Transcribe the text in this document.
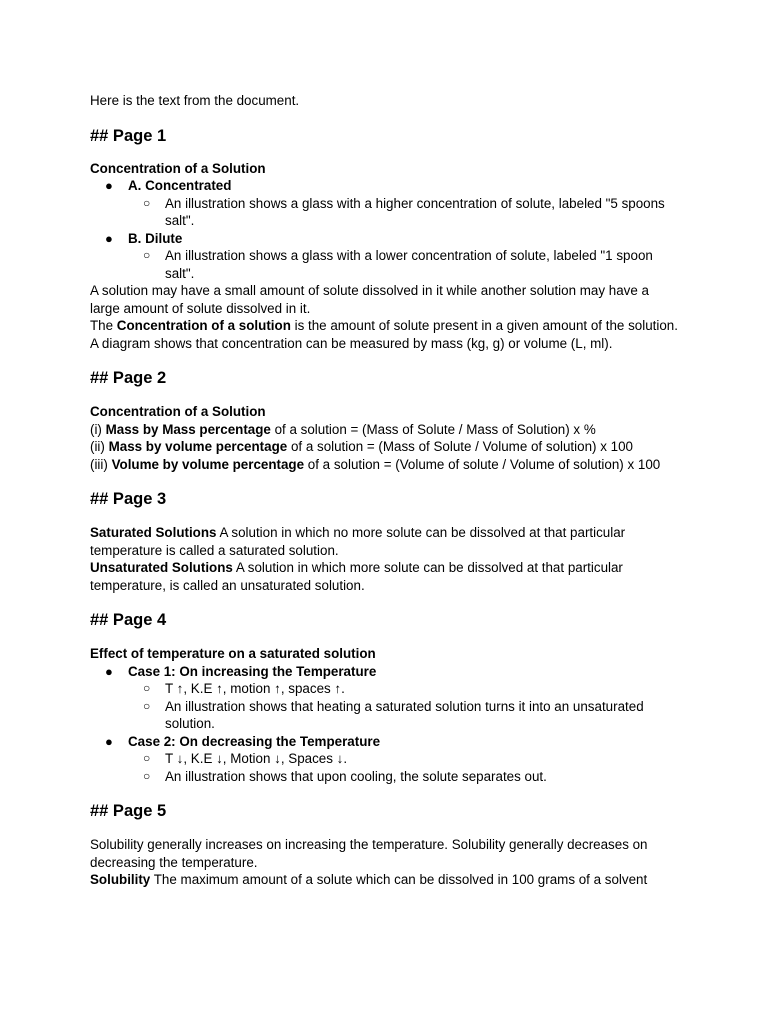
Here is the text from the document.

## Page 1

Concentration of a Solution

● A. Concentrated
○ An illustration shows a glass with a higher concentration of solute, labeled "5 spoons salt".
● B. Dilute
○ An illustration shows a glass with a lower concentration of solute, labeled "1 spoon salt".

A solution may have a small amount of solute dissolved in it while another solution may have a large amount of solute dissolved in it.

The Concentration of a solution is the amount of solute present in a given amount of the solution. A diagram shows that concentration can be measured by mass (kg, g) or volume (L, ml).

## Page 2

Concentration of a Solution

(i) Mass by Mass percentage of a solution = (Mass of Solute / Mass of Solution) x %

(ii) Mass by volume percentage of a solution = (Mass of Solute / Volume of solution) x 100

(iii) Volume by volume percentage of a solution = (Volume of solute / Volume of solution) x 100

## Page 3

Saturated Solutions A solution in which no more solute can be dissolved at that particular temperature is called a saturated solution.

Unsaturated Solutions A solution in which more solute can be dissolved at that particular temperature, is called an unsaturated solution.

## Page 4

Effect of temperature on a saturated solution

● Case 1: On increasing the Temperature
○ T ↑, K.E ↑, motion ↑, spaces ↑.
○ An illustration shows that heating a saturated solution turns it into an unsaturated solution.
● Case 2: On decreasing the Temperature
○ T ↓, K.E ↓, Motion ↓, Spaces ↓.
○ An illustration shows that upon cooling, the solute separates out.
## Page 5

Solubility generally increases on increasing the temperature. Solubility generally decreases on decreasing the temperature.

Solubility The maximum amount of a solute which can be dissolved in 100 grams of a solvent
